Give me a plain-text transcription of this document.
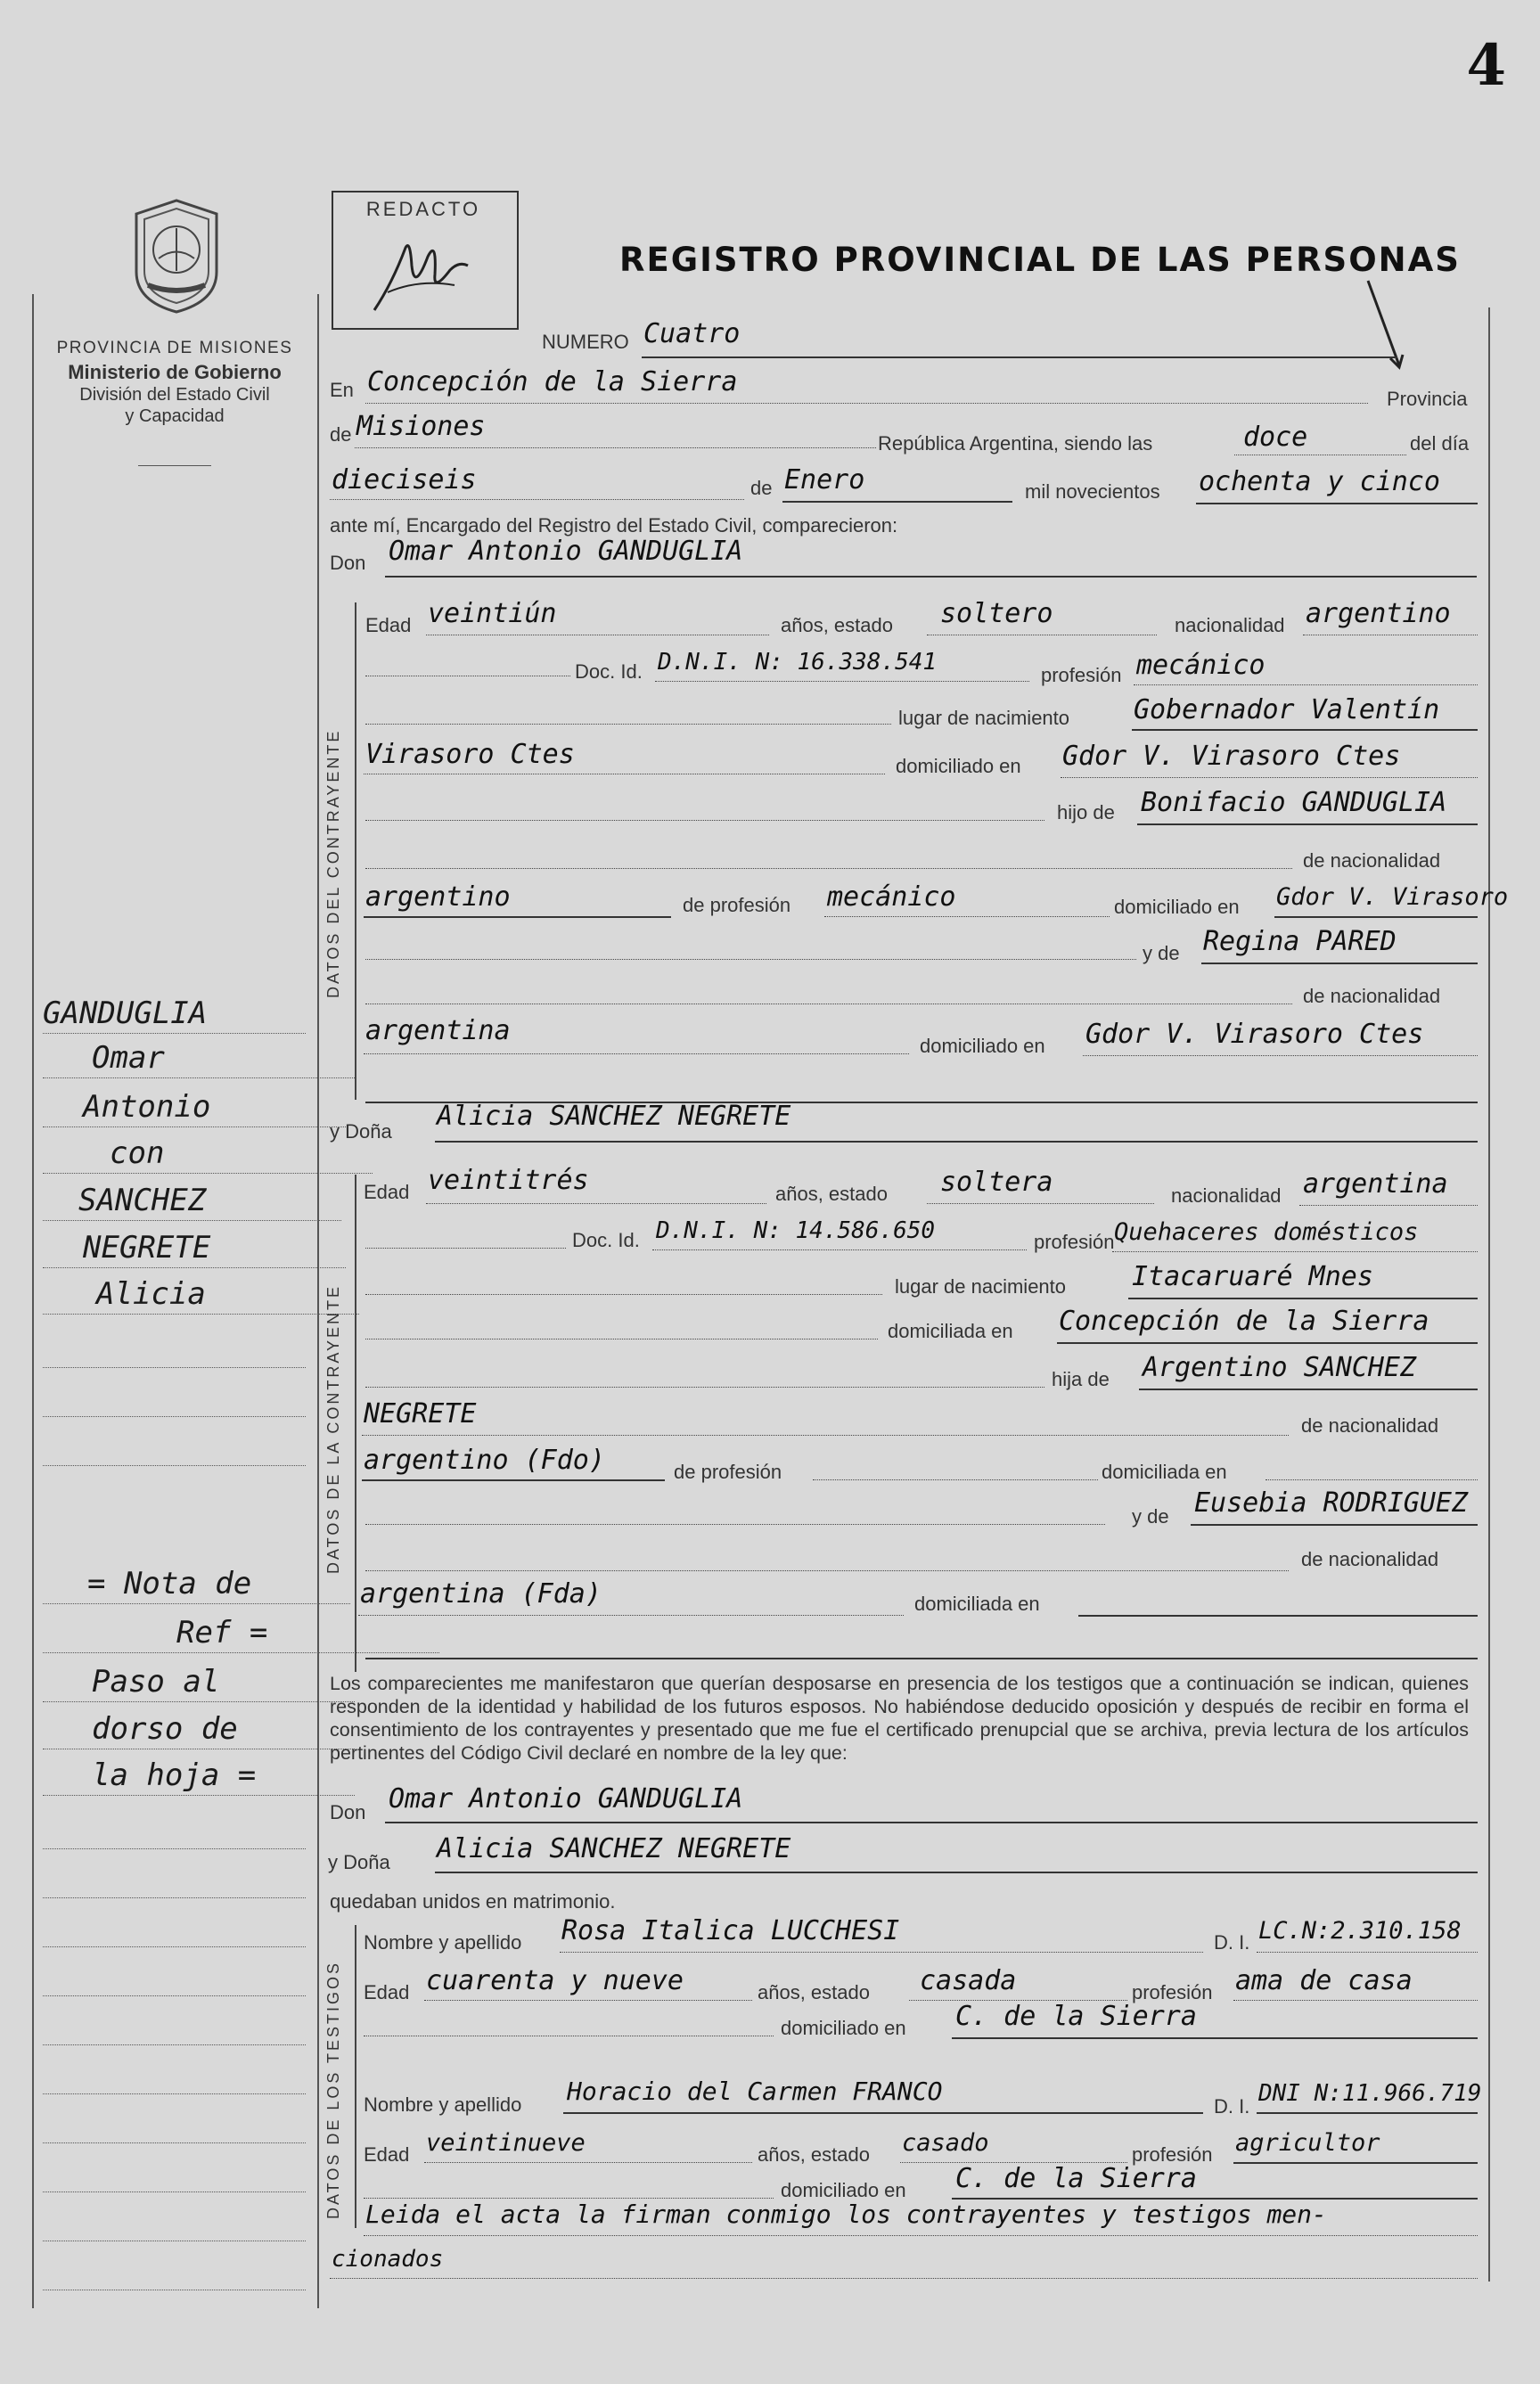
4
PROVINCIA DE MISIONES
Ministerio de Gobierno
División del Estado Civil
y Capacidad
GANDUGLIA
Omar
Antonio
con
SANCHEZ
NEGRETE
Alicia
= Nota de
Ref =
Paso al
dorso de
la hoja =
REDACTO
REGISTRO PROVINCIAL DE LAS PERSONAS
NUMERO Cuatro
En Concepción de la Sierra
Provincia
de Misiones
República Argentina, siendo las	doce	del día
dieciseis	de Enero	mil novecientos ochenta y cinco
ante mí, Encargado del Registro del Estado Civil, comparecieron:
Don Omar Antonio GANDUGLIA
DATOS DEL CONTRAYENTE
Edad veintiún	años, estado soltero	nacionalidad argentino
Doc. Id. D.N.I. N: 16.338.541	profesión mecánico
lugar de nacimiento Gobernador Valentín
Virasoro Ctes	domiciliado en Gdor V. Virasoro Ctes
hijo de Bonifacio GANDUGLIA
de nacionalidad
argentino	de profesión mecánico	domiciliado en Gdor V. Virasoro
y de Regina PARED
de nacionalidad
argentina	domiciliado en Gdor V. Virasoro Ctes
y Doña Alicia SANCHEZ NEGRETE
DATOS DE LA CONTRAYENTE
Edad veintitrés	años, estado soltera	nacionalidad argentina
Doc. Id. D.N.I. N: 14.586.650	profesión Quehaceres domésticos
lugar de nacimiento Itacaruaré Mnes
domiciliada en Concepción de la Sierra
hija de Argentino SANCHEZ
NEGRETE	de nacionalidad
argentino (Fdo)	de profesión	domiciliada en
y de Eusebia RODRIGUEZ
de nacionalidad
argentina (Fda)	domiciliada en
Los comparecientes me manifestaron que querían desposarse en presencia de los testigos que a continuación se indican, quienes responden de la identidad y habilidad de los futuros esposos. No habiéndose deducido oposición y después de recibir en forma el consentimiento de los contrayentes y presentado que me fue el certificado prenupcial que se archiva, previa lectura de los artículos pertinentes del Código Civil declaré en nombre de la ley que:
Don Omar Antonio GANDUGLIA
y Doña Alicia SANCHEZ NEGRETE
quedaban unidos en matrimonio.
DATOS DE LOS TESTIGOS
Nombre y apellido Rosa Italica LUCCHESI	D. I. LC.N:2.310.158
Edad cuarenta y nueve	años, estado casada	profesión ama de casa
domiciliado en C. de la Sierra
Nombre y apellido Horacio del Carmen FRANCO
D. I. DNI N:11.966.719
Edad veintinueve	años, estado casado	profesión agricultor
domiciliado en C. de la Sierra
Leida el acta la firman conmigo los contrayentes y testigos men-
cionados
